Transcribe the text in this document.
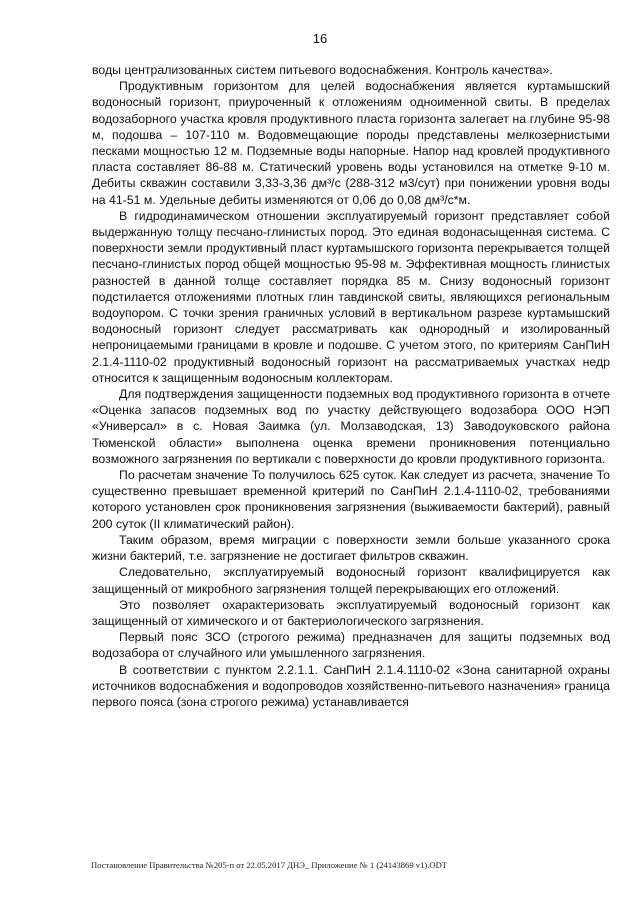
16

воды централизованных систем питьевого водоснабжения. Контроль качества».

Продуктивным горизонтом для целей водоснабжения является куртамышский водоносный горизонт, приуроченный к отложениям одноименной свиты. В пределах водозаборного участка кровля продуктивного пласта горизонта залегает на глубине 95-98 м, подошва – 107-110 м. Водовмещающие породы представлены мелкозернистыми песками мощностью 12 м. Подземные воды напорные. Напор над кровлей продуктивного пласта составляет 86-88 м. Статический уровень воды установился на отметке 9-10 м. Дебиты скважин составили 3,33-3,36 дм³/с (288-312 м3/сут) при понижении уровня воды на 41-51 м. Удельные дебиты изменяются от 0,06 до 0,08 дм³/с*м.

В гидродинамическом отношении эксплуатируемый горизонт представляет собой выдержанную толщу песчано-глинистых пород. Это единая водонасыщенная система. С поверхности земли продуктивный пласт куртамышского горизонта перекрывается толщей песчано-глинистых пород общей мощностью 95-98 м. Эффективная мощность глинистых разностей в данной толще составляет порядка 85 м. Снизу водоносный горизонт подстилается отложениями плотных глин тавдинской свиты, являющихся региональным водоупором. С точки зрения граничных условий в вертикальном разрезе куртамышский водоносный горизонт следует рассматривать как однородный и изолированный непроницаемыми границами в кровле и подошве. С учетом этого, по критериям СанПиН 2.1.4-1110-02 продуктивный водоносный горизонт на рассматриваемых участках недр относится к защищенным водоносным коллекторам.

Для подтверждения защищенности подземных вод продуктивного горизонта в отчете «Оценка запасов подземных вод по участку действующего водозабора ООО НЭП «Универсал» в с. Новая Заимка (ул. Молзаводская, 13) Заводоуковского района Тюменской области» выполнена оценка времени проникновения потенциально возможного загрязнения по вертикали с поверхности до кровли продуктивного горизонта.

По расчетам значение То получилось 625 суток. Как следует из расчета, значение То существенно превышает временной критерий по СанПиН 2.1.4-1110-02, требованиями которого установлен срок проникновения загрязнения (выживаемости бактерий), равный 200 суток (II климатический район).

Таким образом, время миграции с поверхности земли больше указанного срока жизни бактерий, т.е. загрязнение не достигает фильтров скважин.

Следовательно, эксплуатируемый водоносный горизонт квалифицируется как защищенный от микробного загрязнения толщей перекрывающих его отложений.

Это позволяет охарактеризовать эксплуатируемый водоносный горизонт как защищенный от химического и от бактериологического загрязнения.

Первый пояс ЗСО (строгого режима) предназначен для защиты подземных вод водозабора от случайного или умышленного загрязнения.

В соответствии с пунктом 2.2.1.1. СанПиН 2.1.4.1110-02 «Зона санитарной охраны источников водоснабжения и водопроводов хозяйственно-питьевого назначения» граница первого пояса (зона строгого режима) устанавливается

Постановление Правительства №205-п от 22.05.2017 ДНЭ_ Приложение № 1 (24143869 v1).ODT
